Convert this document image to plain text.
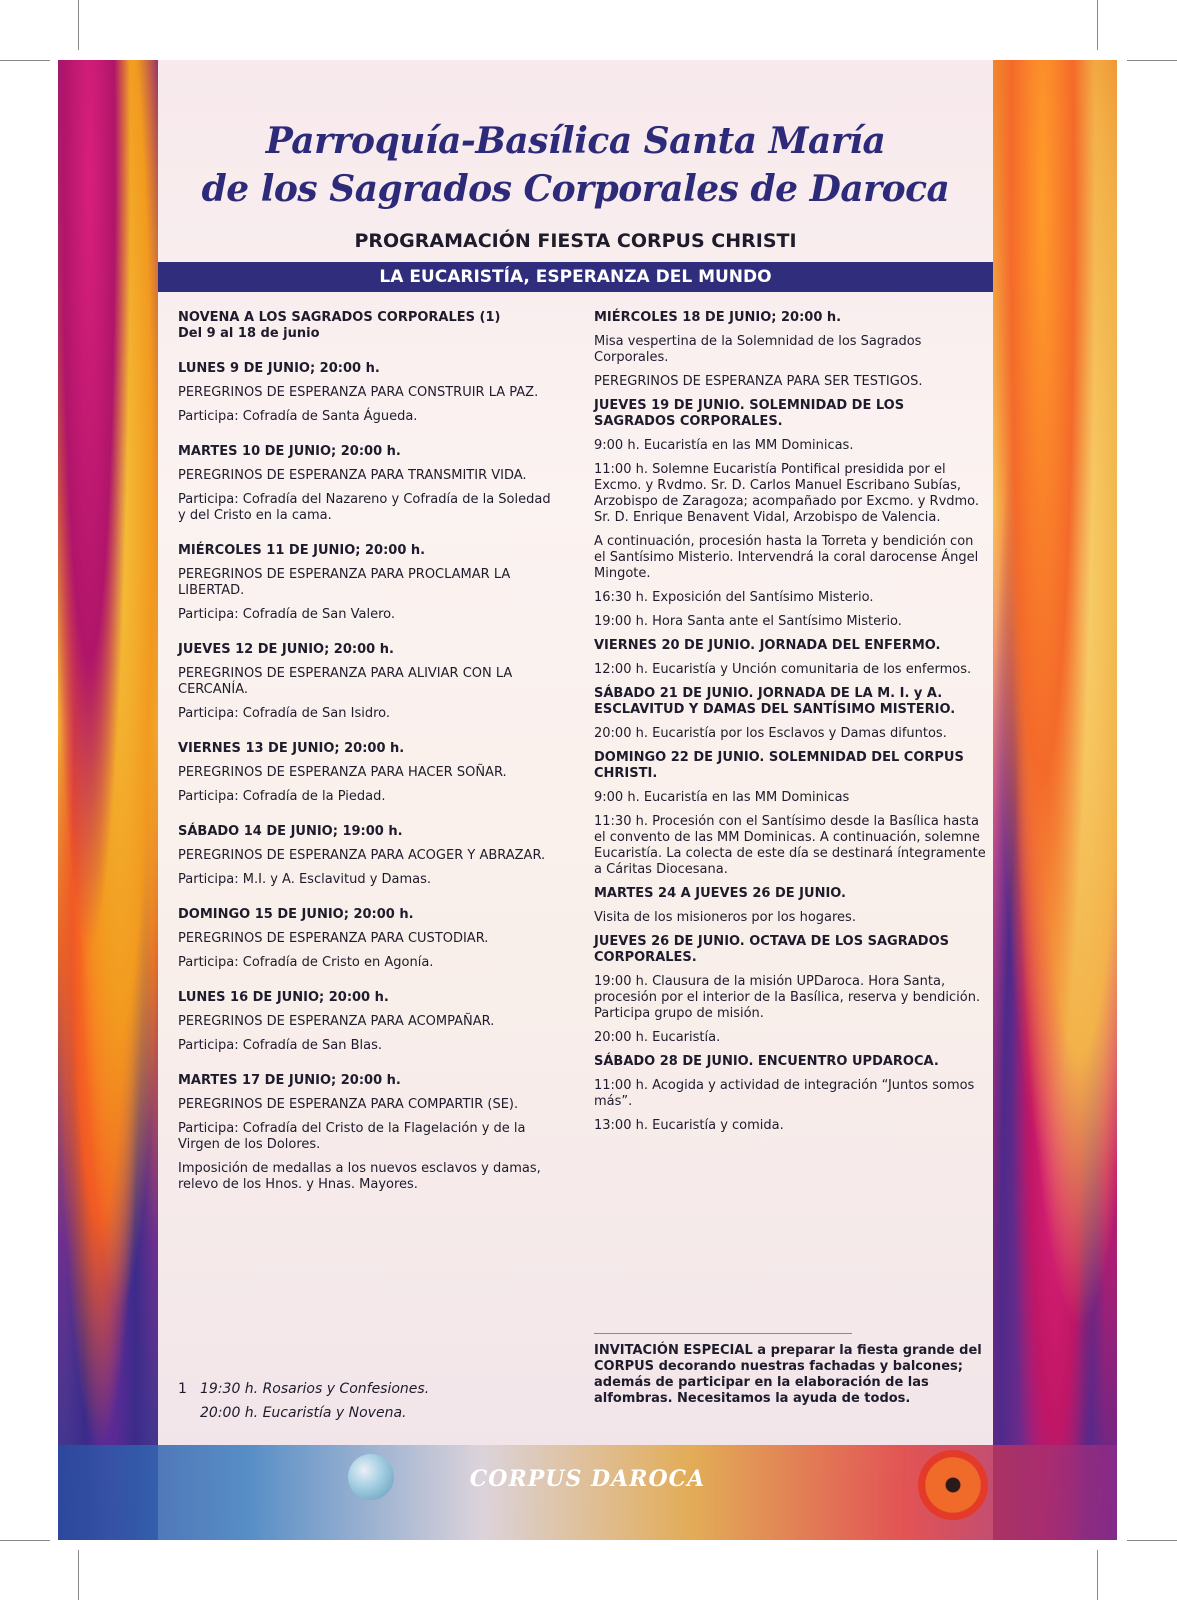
CORPUS DAROCA
Parroquía-Basílica Santa María
de los Sagrados Corporales de Daroca
PROGRAMACIÓN FIESTA CORPUS CHRISTI
LA EUCARISTÍA, ESPERANZA DEL MUNDO

NOVENA A LOS SAGRADOS CORPORALES (1)

Del 9 al 18 de junio

LUNES 9 DE JUNIO; 20:00 h.

PEREGRINOS DE ESPERANZA PARA CONSTRUIR LA PAZ.

Participa: Cofradía de Santa Águeda.

MARTES 10 DE JUNIO; 20:00 h.

PEREGRINOS DE ESPERANZA PARA TRANSMITIR VIDA.

Participa: Cofradía del Nazareno y Cofradía de la Soledad y del Cristo en la cama.

MIÉRCOLES 11 DE JUNIO; 20:00 h.

PEREGRINOS DE ESPERANZA PARA PROCLAMAR LA LIBERTAD.

Participa: Cofradía de San Valero.

JUEVES 12 DE JUNIO; 20:00 h.

PEREGRINOS DE ESPERANZA PARA ALIVIAR CON LA CERCANÍA.

Participa: Cofradía de San Isidro.

VIERNES 13 DE JUNIO; 20:00 h.

PEREGRINOS DE ESPERANZA PARA HACER SOÑAR.

Participa: Cofradía de la Piedad.

SÁBADO 14 DE JUNIO; 19:00 h.

PEREGRINOS DE ESPERANZA PARA ACOGER Y ABRAZAR.

Participa: M.I. y A. Esclavitud y Damas.

DOMINGO 15 DE JUNIO; 20:00 h.

PEREGRINOS DE ESPERANZA PARA CUSTODIAR.

Participa: Cofradía de Cristo en Agonía.

LUNES 16 DE JUNIO; 20:00 h.

PEREGRINOS DE ESPERANZA PARA ACOMPAÑAR.

Participa: Cofradía de San Blas.

MARTES 17 DE JUNIO; 20:00 h.

PEREGRINOS DE ESPERANZA PARA COMPARTIR (SE).

Participa: Cofradía del Cristo de la Flagelación y de la Virgen de los Dolores.

Imposición de medallas a los nuevos esclavos y damas, relevo de los Hnos. y Hnas. Mayores.

1 19:30 h. Rosarios y Confesiones.
20:00 h. Eucaristía y Novena.

MIÉRCOLES 18 DE JUNIO; 20:00 h.

Misa vespertina de la Solemnidad de los Sagrados Corporales.

PEREGRINOS DE ESPERANZA PARA SER TESTIGOS.

JUEVES 19 DE JUNIO. SOLEMNIDAD DE LOS SAGRADOS CORPORALES.

9:00 h. Eucaristía en las MM Dominicas.

11:00 h. Solemne Eucaristía Pontifical presidida por el Excmo. y Rvdmo. Sr. D. Carlos Manuel Escribano Subías, Arzobispo de Zaragoza; acompañado por Excmo. y Rvdmo. Sr. D. Enrique Benavent Vidal, Arzobispo de Valencia.

A continuación, procesión hasta la Torreta y bendición con el Santísimo Misterio. Intervendrá la coral darocense Ángel Mingote.

16:30 h. Exposición del Santísimo Misterio.

19:00 h. Hora Santa ante el Santísimo Misterio.

VIERNES 20 DE JUNIO. JORNADA DEL ENFERMO.

12:00 h. Eucaristía y Unción comunitaria de los enfermos.

SÁBADO 21 DE JUNIO. JORNADA DE LA M. I. y A. ESCLAVITUD Y DAMAS DEL SANTÍSIMO MISTERIO.

20:00 h. Eucaristía por los Esclavos y Damas difuntos.

DOMINGO 22 DE JUNIO. SOLEMNIDAD DEL CORPUS CHRISTI.

9:00 h. Eucaristía en las MM Dominicas

11:30 h. Procesión con el Santísimo desde la Basílica hasta el convento de las MM Dominicas. A continuación, solemne Eucaristía. La colecta de este día se destinará íntegramente a Cáritas Diocesana.

MARTES 24 A JUEVES 26 DE JUNIO.

Visita de los misioneros por los hogares.

JUEVES 26 DE JUNIO. OCTAVA DE LOS SAGRADOS CORPORALES.

19:00 h. Clausura de la misión UPDaroca. Hora Santa, procesión por el interior de la Basílica, reserva y bendición. Participa grupo de misión.

20:00 h. Eucaristía.

SÁBADO 28 DE JUNIO. ENCUENTRO UPDAROCA.

11:00 h. Acogida y actividad de integración “Juntos somos más”.

13:00 h. Eucaristía y comida.

INVITACIÓN ESPECIAL a preparar la fiesta grande del CORPUS decorando nuestras fachadas y balcones; además de participar en la elaboración de las alfombras. Necesitamos la ayuda de todos.
